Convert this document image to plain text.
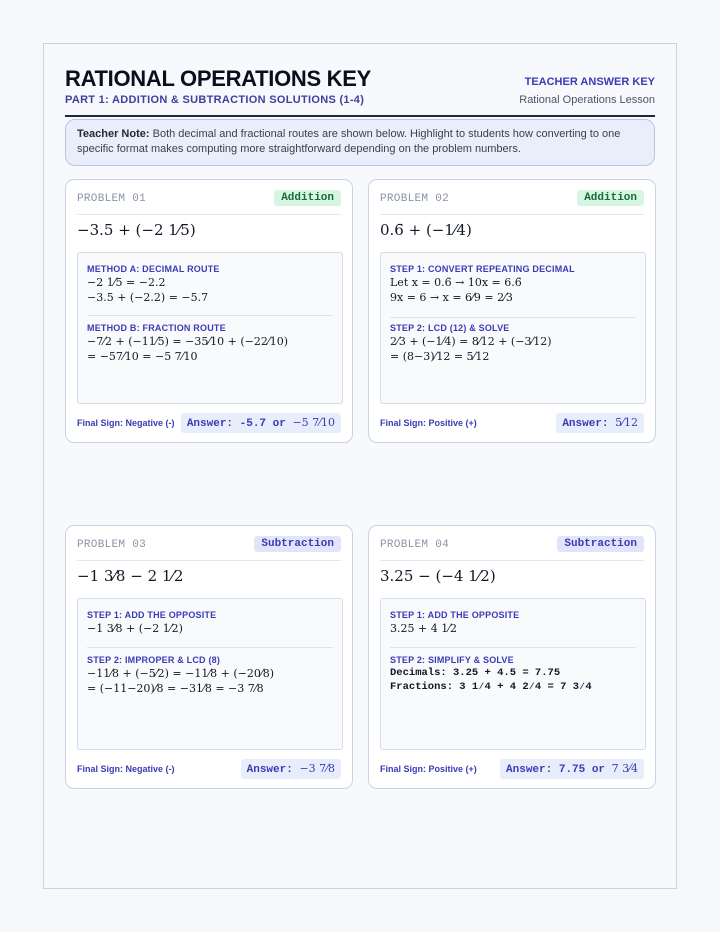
RATIONAL OPERATIONS KEY
PART 1: ADDITION & SUBTRACTION SOLUTIONS (1-4)
TEACHER ANSWER KEY
Rational Operations Lesson
Teacher Note: Both decimal and fractional routes are shown below. Highlight to students how converting to one specific format makes computing more straightforward depending on the problem numbers.
PROBLEM 01	Addition
−3.5 + (−2 1⁄5)
METHOD A: DECIMAL ROUTE
−2 1⁄5 = −2.2
−3.5 + (−2.2) = −5.7
METHOD B: FRACTION ROUTE
−7⁄2 + (−11⁄5) = −35⁄10 + (−22⁄10)
= −57⁄10 = −5 7⁄10
Final Sign: Negative (-)	Answer: -5.7 or −5 7⁄10
PROBLEM 02	Addition
0.6̄ + (−1⁄4)
STEP 1: CONVERT REPEATING DECIMAL
Let x = 0.6̄ → 10x = 6.6̄
9x = 6 → x = 6⁄9 = 2⁄3
STEP 2: LCD (12) & SOLVE
2⁄3 + (−1⁄4) = 8⁄12 + (−3⁄12)
= (8−3)⁄12 = 5⁄12
Final Sign: Positive (+)	Answer: 5⁄12
PROBLEM 03	Subtraction
−1 3⁄8 − 2 1⁄2
STEP 1: ADD THE OPPOSITE
−1 3⁄8 + (−2 1⁄2)
STEP 2: IMPROPER & LCD (8)
−11⁄8 + (−5⁄2) = −11⁄8 + (−20⁄8)
= (−11−20)⁄8 = −31⁄8 = −3 7⁄8
Final Sign: Negative (-)	Answer: −3 7⁄8
PROBLEM 04	Subtraction
3.25 − (−4 1⁄2)
STEP 1: ADD THE OPPOSITE
3.25 + 4 1⁄2
STEP 2: SIMPLIFY & SOLVE
Decimals: 3.25 + 4.5 = 7.75
Fractions: 3 1⁄4 + 4 2⁄4 = 7 3⁄4
Final Sign: Positive (+)	Answer: 7.75 or 7 3⁄4
